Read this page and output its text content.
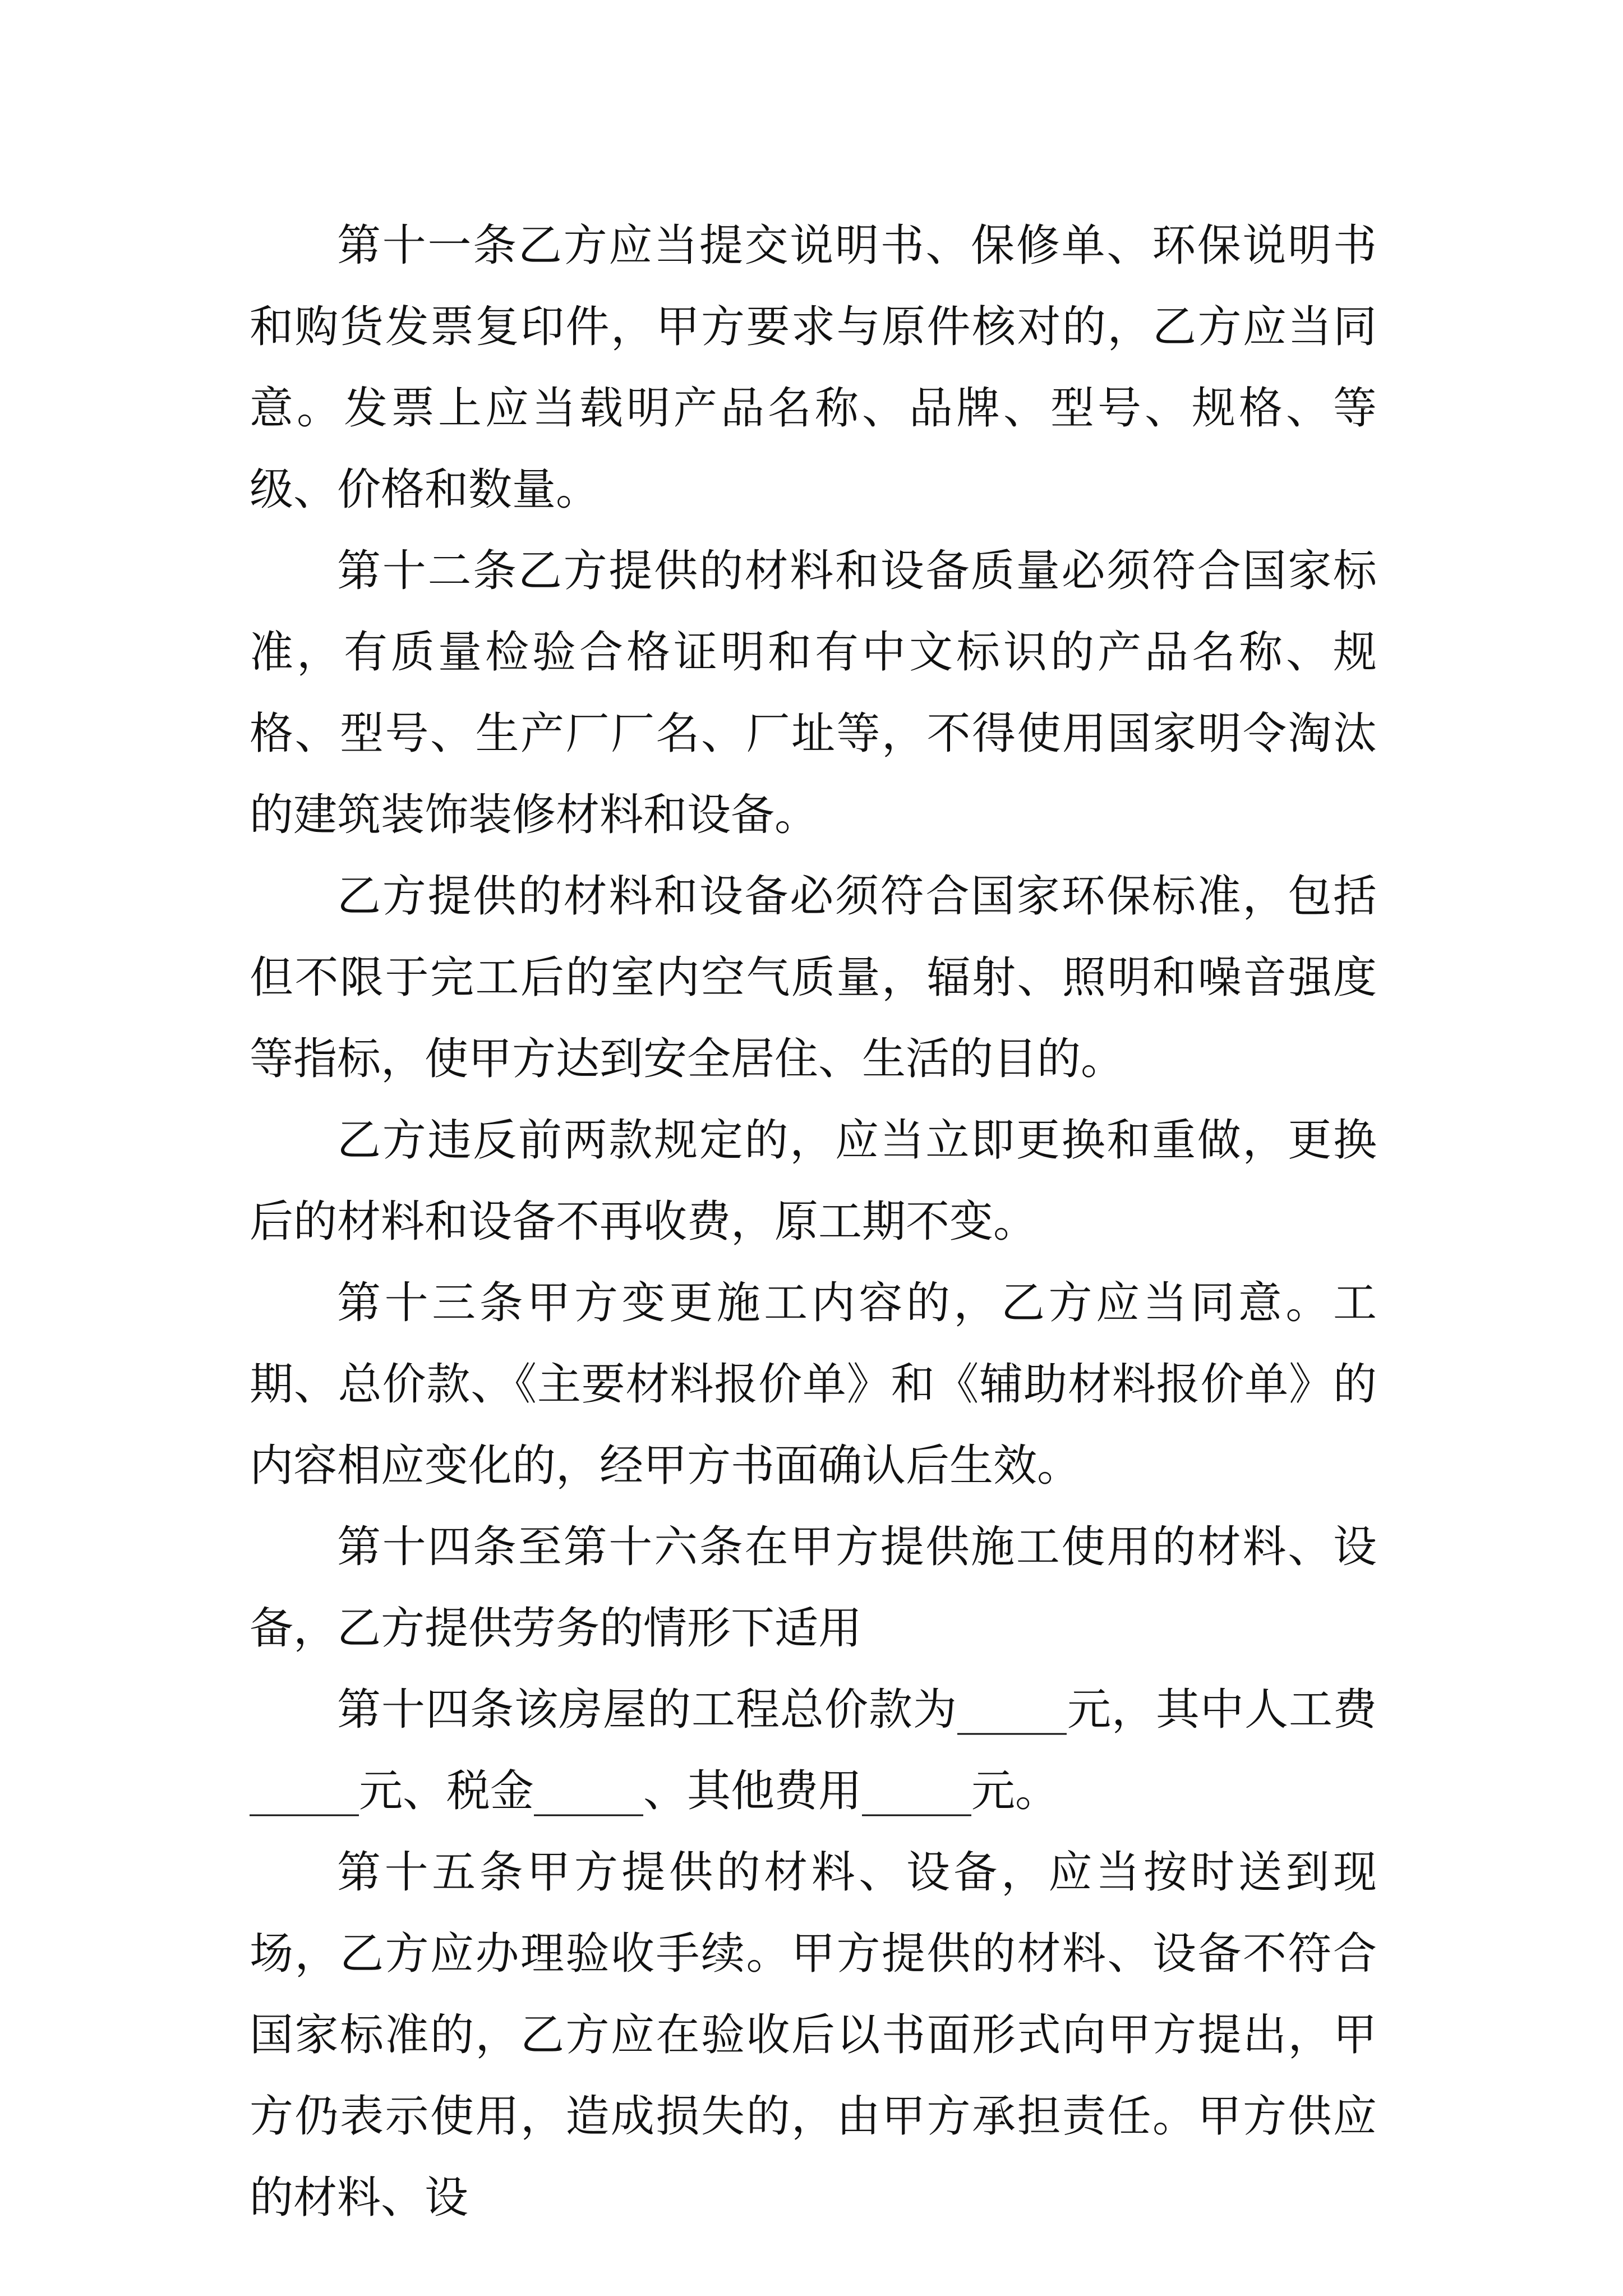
第十一条乙方应当提交说明书、保修单、环保说明书和购货发票复印件，甲方要求与原件核对的，乙方应当同意。发票上应当载明产品名称、品牌、型号、规格、等级、价格和数量。

第十二条乙方提供的材料和设备质量必须符合国家标准，有质量检验合格证明和有中文标识的产品名称、规格、型号、生产厂厂名、厂址等，不得使用国家明令淘汰的建筑装饰装修材料和设备。

乙方提供的材料和设备必须符合国家环保标准，包括但不限于完工后的室内空气质量，辐射、照明和噪音强度等指标，使甲方达到安全居住、生活的目的。

乙方违反前两款规定的，应当立即更换和重做，更换后的材料和设备不再收费，原工期不变。

第十三条甲方变更施工内容的，乙方应当同意。工期、总价款、《主要材料报价单》和《辅助材料报价单》的内容相应变化的，经甲方书面确认后生效。

第十四条至第十六条在甲方提供施工使用的材料、设备，乙方提供劳务的情形下适用

第十四条该房屋的工程总价款为_____元，其中人工费_____元、税金_____、其他费用_____元。

第十五条甲方提供的材料、设备，应当按时送到现场，乙方应办理验收手续。甲方提供的材料、设备不符合国家标准的，乙方应在验收后以书面形式向甲方提出，甲方仍表示使用，造成损失的，由甲方承担责任。甲方供应的材料、设
